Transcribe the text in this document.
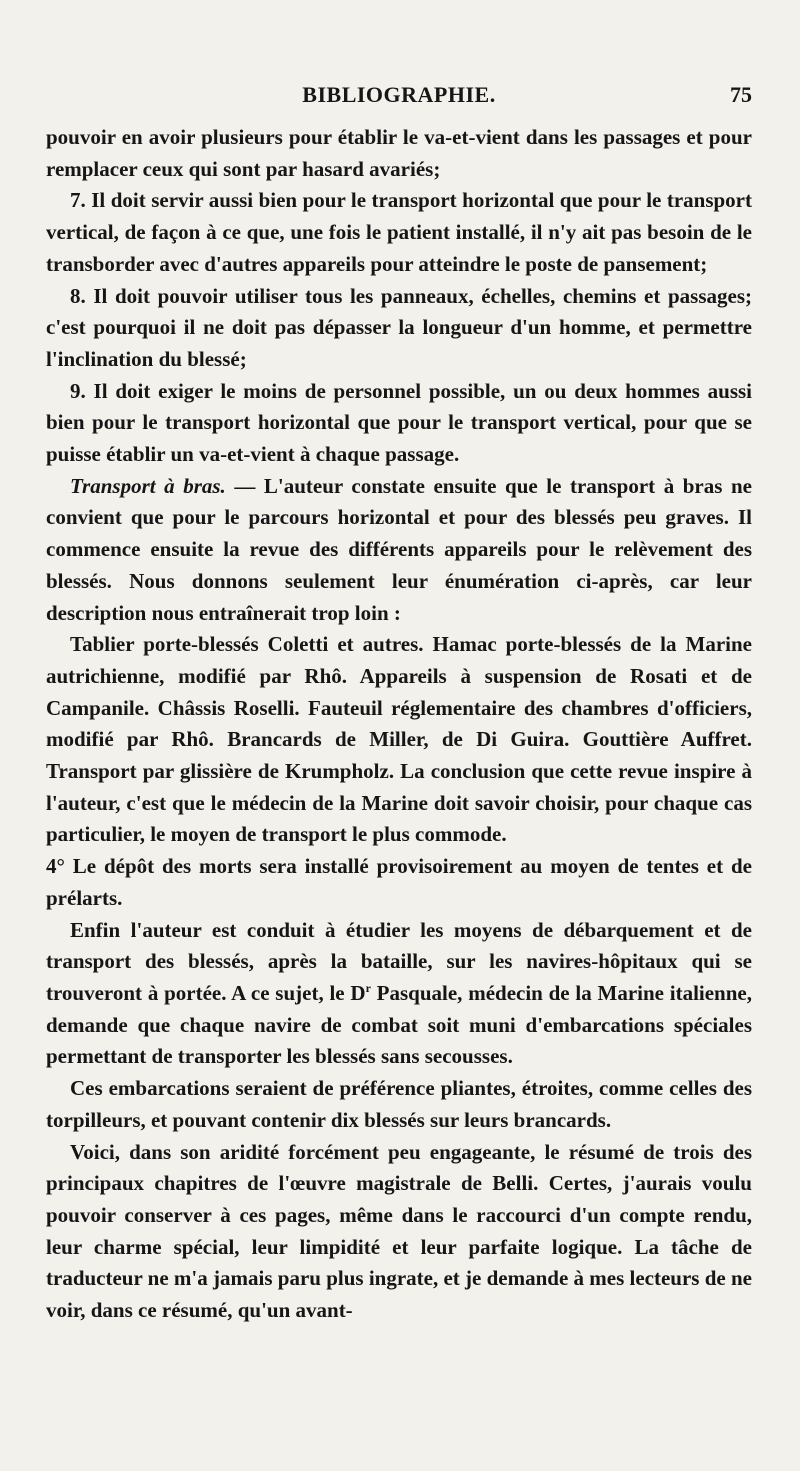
BIBLIOGRAPHIE.	75

pouvoir en avoir plusieurs pour établir le va-et-vient dans les passages et pour remplacer ceux qui sont par hasard avariés;

7. Il doit servir aussi bien pour le transport horizontal que pour le transport vertical, de façon à ce que, une fois le patient installé, il n'y ait pas besoin de le transborder avec d'autres appareils pour atteindre le poste de pansement;

8. Il doit pouvoir utiliser tous les panneaux, échelles, chemins et passages; c'est pourquoi il ne doit pas dépasser la longueur d'un homme, et permettre l'inclination du blessé;

9. Il doit exiger le moins de personnel possible, un ou deux hommes aussi bien pour le transport horizontal que pour le transport vertical, pour que se puisse établir un va-et-vient à chaque passage.

Transport à bras. — L'auteur constate ensuite que le transport à bras ne convient que pour le parcours horizontal et pour des blessés peu graves. Il commence ensuite la revue des différents appareils pour le relèvement des blessés. Nous donnons seulement leur énumération ci-après, car leur description nous entraînerait trop loin :

Tablier porte-blessés Coletti et autres. Hamac porte-blessés de la Marine autrichienne, modifié par Rhô. Appareils à suspension de Rosati et de Campanile. Châssis Roselli. Fauteuil réglementaire des chambres d'officiers, modifié par Rhô. Brancards de Miller, de Di Guira. Gouttière Auffret. Transport par glissière de Krumpholz. La conclusion que cette revue inspire à l'auteur, c'est que le médecin de la Marine doit savoir choisir, pour chaque cas particulier, le moyen de transport le plus commode.

4° Le dépôt des morts sera installé provisoirement au moyen de tentes et de prélarts.

Enfin l'auteur est conduit à étudier les moyens de débarquement et de transport des blessés, après la bataille, sur les navires-hôpitaux qui se trouveront à portée. A ce sujet, le $D^r$ Pasquale, médecin de la Marine italienne, demande que chaque navire de combat soit muni d'embarcations spéciales permettant de transporter les blessés sans secousses.

Ces embarcations seraient de préférence pliantes, étroites, comme celles des torpilleurs, et pouvant contenir dix blessés sur leurs brancards.

Voici, dans son aridité forcément peu engageante, le résumé de trois des principaux chapitres de l'œuvre magistrale de Belli. Certes, j'aurais voulu pouvoir conserver à ces pages, même dans le raccourci d'un compte rendu, leur charme spécial, leur limpidité et leur parfaite logique. La tâche de traducteur ne m'a jamais paru plus ingrate, et je demande à mes lecteurs de ne voir, dans ce résumé, qu'un avant-
